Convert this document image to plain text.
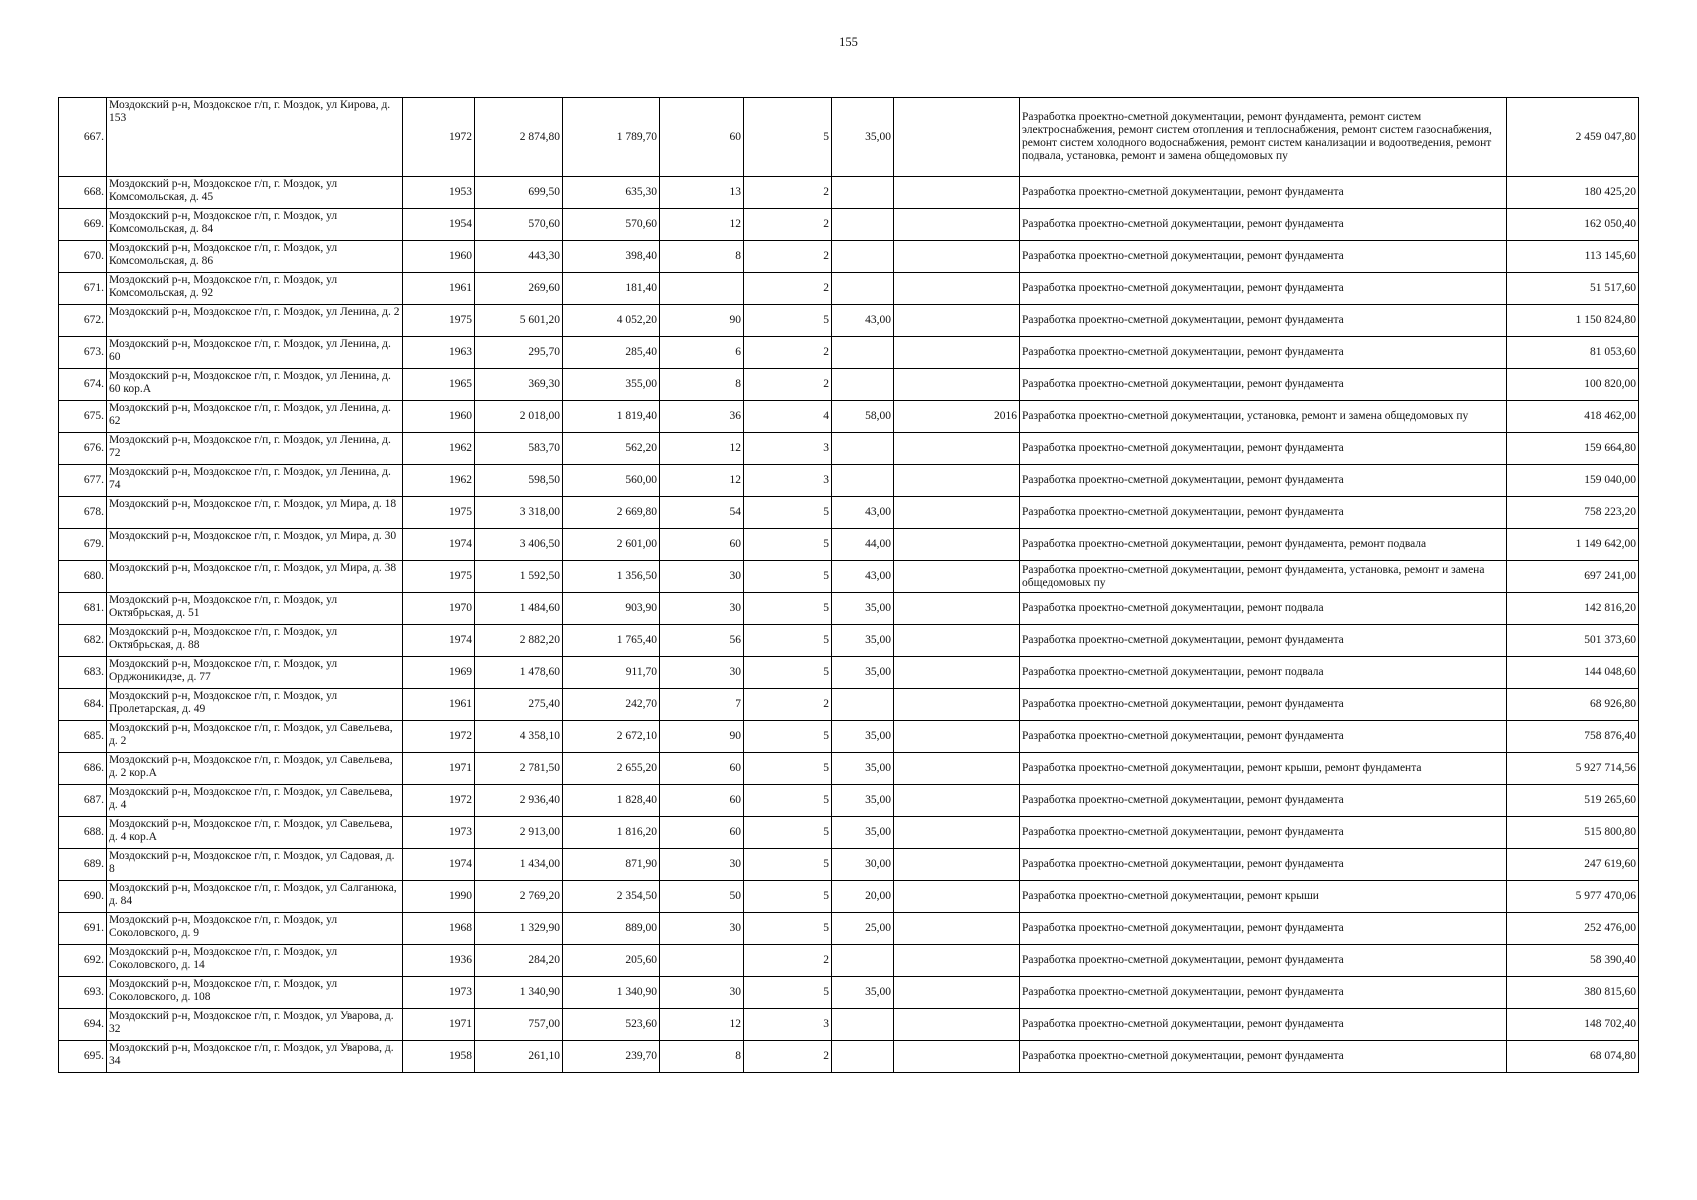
155
667.	Моздокский р-н, Моздокское г/п, г. Моздок, ул Кирова, д. 153	1972	2 874,80	1 789,70	60	5	35,00		Разработка проектно-сметной документации, ремонт фундамента, ремонт систем электроснабжения, ремонт систем отопления и теплоснабжения, ремонт систем газоснабжения, ремонт систем холодного водоснабжения, ремонт систем канализации и водоотведения, ремонт подвала, установка, ремонт и замена общедомовых пу	2 459 047,80
668.	Моздокский р-н, Моздокское г/п, г. Моздок, ул Комсомольская, д. 45	1953	699,50	635,30	13	2			Разработка проектно-сметной документации, ремонт фундамента	180 425,20
669.	Моздокский р-н, Моздокское г/п, г. Моздок, ул Комсомольская, д. 84	1954	570,60	570,60	12	2			Разработка проектно-сметной документации, ремонт фундамента	162 050,40
670.	Моздокский р-н, Моздокское г/п, г. Моздок, ул Комсомольская, д. 86	1960	443,30	398,40	8	2			Разработка проектно-сметной документации, ремонт фундамента	113 145,60
671.	Моздокский р-н, Моздокское г/п, г. Моздок, ул Комсомольская, д. 92	1961	269,60	181,40		2			Разработка проектно-сметной документации, ремонт фундамента	51 517,60
672.	Моздокский р-н, Моздокское г/п, г. Моздок, ул Ленина, д. 2	1975	5 601,20	4 052,20	90	5	43,00		Разработка проектно-сметной документации, ремонт фундамента	1 150 824,80
673.	Моздокский р-н, Моздокское г/п, г. Моздок, ул Ленина, д. 60	1963	295,70	285,40	6	2			Разработка проектно-сметной документации, ремонт фундамента	81 053,60
674.	Моздокский р-н, Моздокское г/п, г. Моздок, ул Ленина, д. 60 кор.А	1965	369,30	355,00	8	2			Разработка проектно-сметной документации, ремонт фундамента	100 820,00
675.	Моздокский р-н, Моздокское г/п, г. Моздок, ул Ленина, д. 62	1960	2 018,00	1 819,40	36	4	58,00	2016	Разработка проектно-сметной документации, установка, ремонт и замена общедомовых пу	418 462,00
676.	Моздокский р-н, Моздокское г/п, г. Моздок, ул Ленина, д. 72	1962	583,70	562,20	12	3			Разработка проектно-сметной документации, ремонт фундамента	159 664,80
677.	Моздокский р-н, Моздокское г/п, г. Моздок, ул Ленина, д. 74	1962	598,50	560,00	12	3			Разработка проектно-сметной документации, ремонт фундамента	159 040,00
678.	Моздокский р-н, Моздокское г/п, г. Моздок, ул Мира, д. 18	1975	3 318,00	2 669,80	54	5	43,00		Разработка проектно-сметной документации, ремонт фундамента	758 223,20
679.	Моздокский р-н, Моздокское г/п, г. Моздок, ул Мира, д. 30	1974	3 406,50	2 601,00	60	5	44,00		Разработка проектно-сметной документации, ремонт фундамента, ремонт подвала	1 149 642,00
680.	Моздокский р-н, Моздокское г/п, г. Моздок, ул Мира, д. 38	1975	1 592,50	1 356,50	30	5	43,00		Разработка проектно-сметной документации, ремонт фундамента, установка, ремонт и замена общедомовых пу	697 241,00
681.	Моздокский р-н, Моздокское г/п, г. Моздок, ул Октябрьская, д. 51	1970	1 484,60	903,90	30	5	35,00		Разработка проектно-сметной документации, ремонт подвала	142 816,20
682.	Моздокский р-н, Моздокское г/п, г. Моздок, ул Октябрьская, д. 88	1974	2 882,20	1 765,40	56	5	35,00		Разработка проектно-сметной документации, ремонт фундамента	501 373,60
683.	Моздокский р-н, Моздокское г/п, г. Моздок, ул Орджоникидзе, д. 77	1969	1 478,60	911,70	30	5	35,00		Разработка проектно-сметной документации, ремонт подвала	144 048,60
684.	Моздокский р-н, Моздокское г/п, г. Моздок, ул Пролетарская, д. 49	1961	275,40	242,70	7	2			Разработка проектно-сметной документации, ремонт фундамента	68 926,80
685.	Моздокский р-н, Моздокское г/п, г. Моздок, ул Савельева, д. 2	1972	4 358,10	2 672,10	90	5	35,00		Разработка проектно-сметной документации, ремонт фундамента	758 876,40
686.	Моздокский р-н, Моздокское г/п, г. Моздок, ул Савельева, д. 2 кор.А	1971	2 781,50	2 655,20	60	5	35,00		Разработка проектно-сметной документации, ремонт крыши, ремонт фундамента	5 927 714,56
687.	Моздокский р-н, Моздокское г/п, г. Моздок, ул Савельева, д. 4	1972	2 936,40	1 828,40	60	5	35,00		Разработка проектно-сметной документации, ремонт фундамента	519 265,60
688.	Моздокский р-н, Моздокское г/п, г. Моздок, ул Савельева, д. 4 кор.А	1973	2 913,00	1 816,20	60	5	35,00		Разработка проектно-сметной документации, ремонт фундамента	515 800,80
689.	Моздокский р-н, Моздокское г/п, г. Моздок, ул Садовая, д. 8	1974	1 434,00	871,90	30	5	30,00		Разработка проектно-сметной документации, ремонт фундамента	247 619,60
690.	Моздокский р-н, Моздокское г/п, г. Моздок, ул Салганюка, д. 84	1990	2 769,20	2 354,50	50	5	20,00		Разработка проектно-сметной документации, ремонт крыши	5 977 470,06
691.	Моздокский р-н, Моздокское г/п, г. Моздок, ул Соколовского, д. 9	1968	1 329,90	889,00	30	5	25,00		Разработка проектно-сметной документации, ремонт фундамента	252 476,00
692.	Моздокский р-н, Моздокское г/п, г. Моздок, ул Соколовского, д. 14	1936	284,20	205,60		2			Разработка проектно-сметной документации, ремонт фундамента	58 390,40
693.	Моздокский р-н, Моздокское г/п, г. Моздок, ул Соколовского, д. 108	1973	1 340,90	1 340,90	30	5	35,00		Разработка проектно-сметной документации, ремонт фундамента	380 815,60
694.	Моздокский р-н, Моздокское г/п, г. Моздок, ул Уварова, д. 32	1971	757,00	523,60	12	3			Разработка проектно-сметной документации, ремонт фундамента	148 702,40
695.	Моздокский р-н, Моздокское г/п, г. Моздок, ул Уварова, д. 34	1958	261,10	239,70	8	2			Разработка проектно-сметной документации, ремонт фундамента	68 074,80
